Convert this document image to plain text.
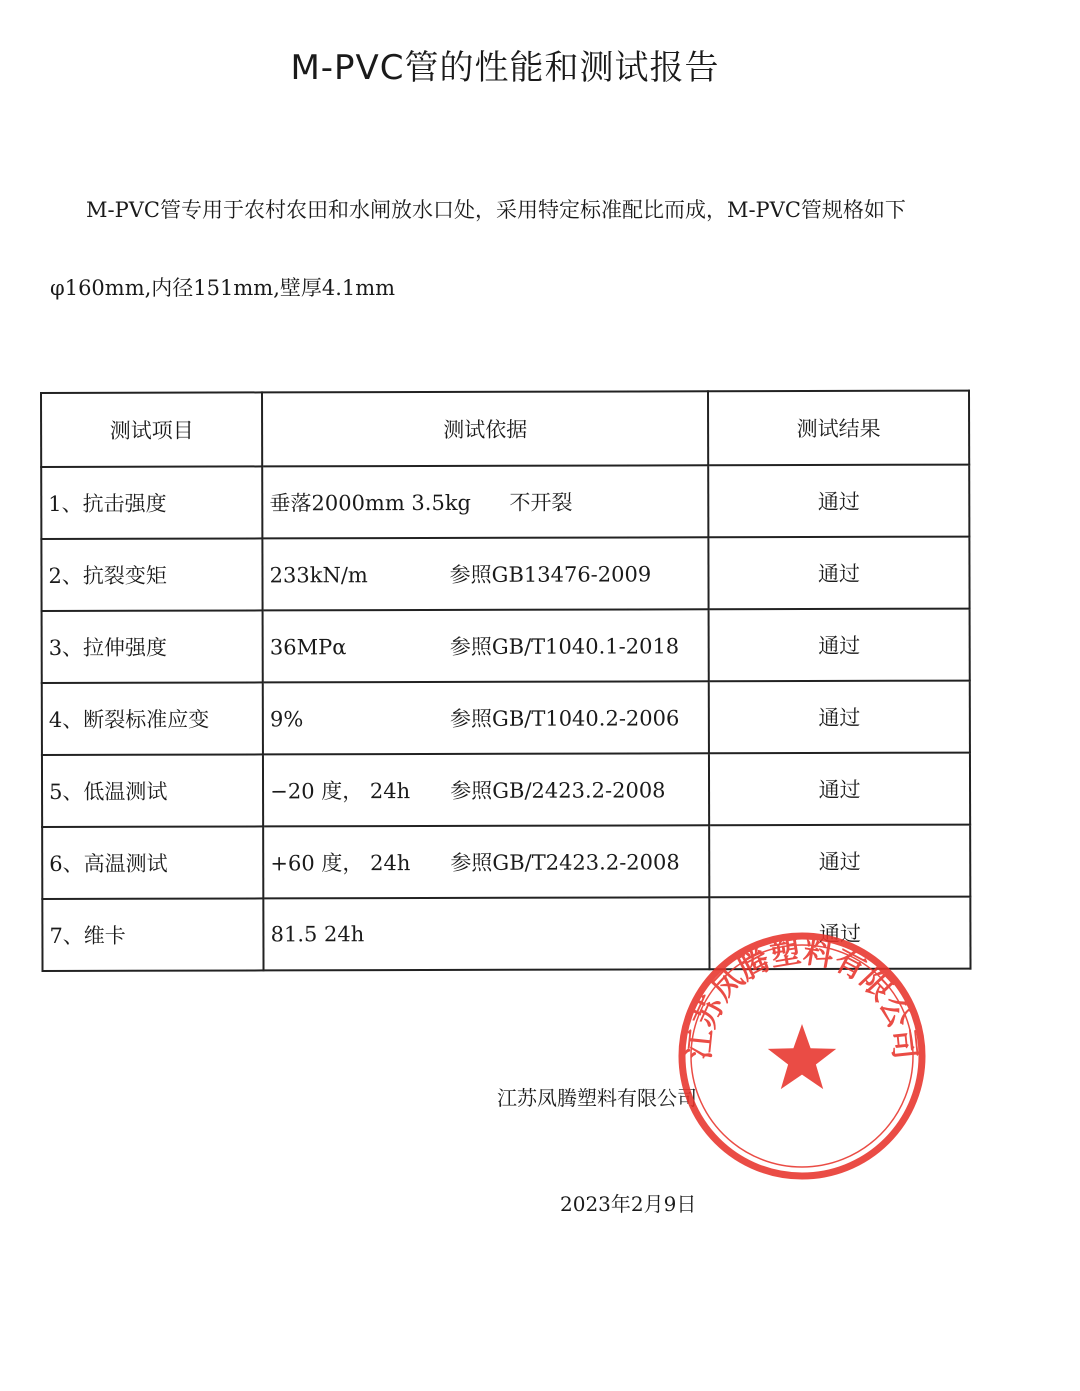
M-PVC管的性能和测试报告
M-PVC管专用于农村农田和水闸放水口处，采用特定标准配比而成，M-PVC管规格如下
φ160mm,内径151mm,壁厚4.1mm
测试项目	测试依据	测试结果
1、抗击强度	垂落2000mm 3.5kg 不开裂	通过
2、抗裂变矩	233kN/m 参照GB13476-2009	通过
3、拉伸强度	36MPα 参照GB/T1040.1-2018	通过
4、断裂标准应变	9% 参照GB/T1040.2-2006	通过
5、低温测试	−20 度， 24h 参照GB/2423.2-2008	通过
6、高温测试	+60 度， 24h 参照GB/T2423.2-2008	通过
7、维卡	81.5 24h	通过
江苏凤腾塑料有限公司
2023年2月9日
江苏凤腾塑料有限公司
